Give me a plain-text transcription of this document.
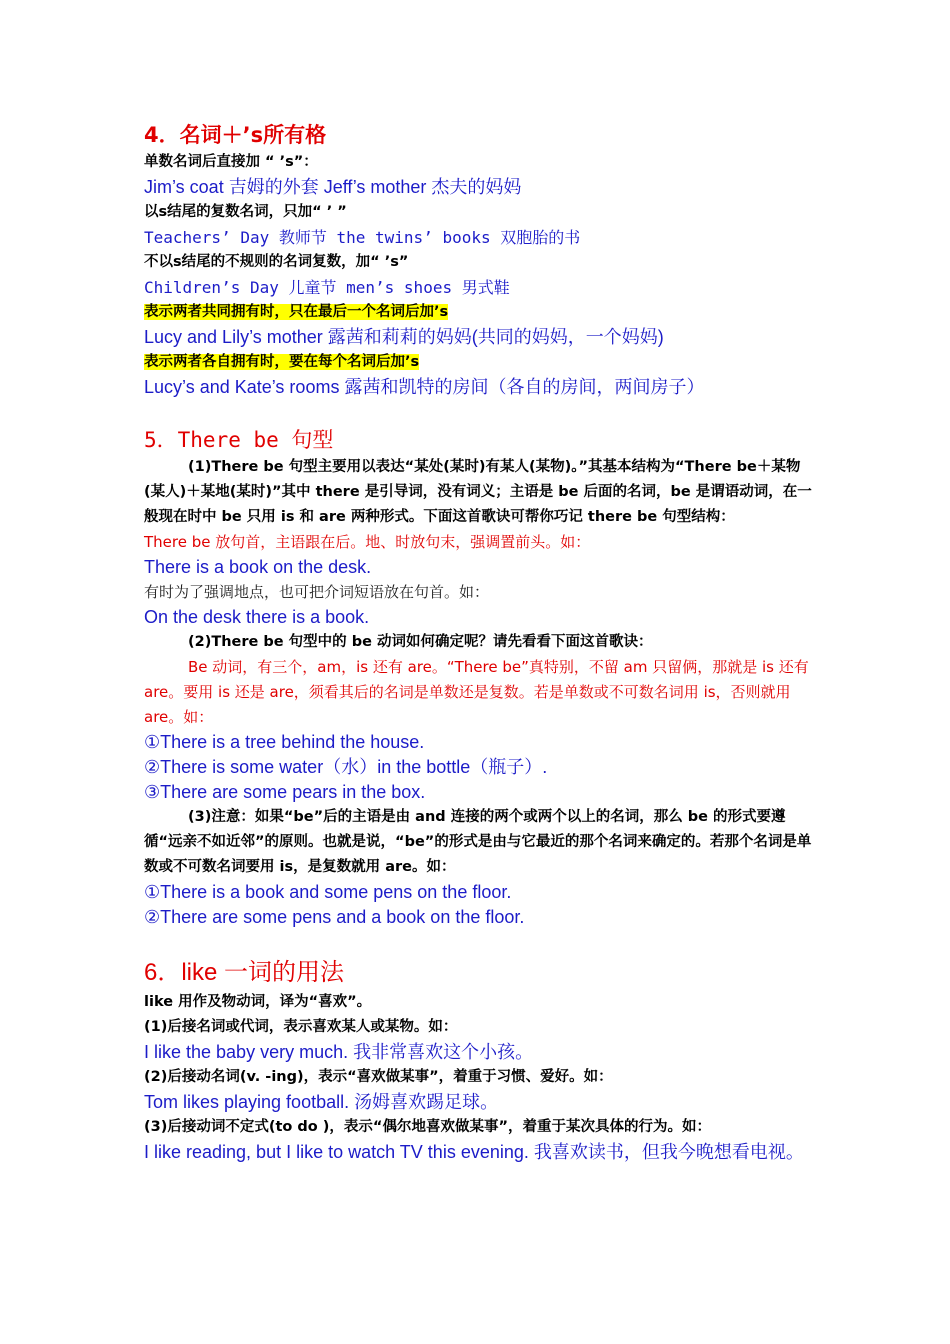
4．名词＋’s所有格
单数名词后直接加 “ ’s”：
Jim’s coat 吉姆的外套 Jeff’s mother 杰夫的妈妈
以s结尾的复数名词，只加“ ’ ”
Teachers’ Day 教师节 the twins’ books 双胞胎的书
不以s结尾的不规则的名词复数，加“ ’s”
Children’s Day 儿童节 men’s shoes 男式鞋
表示两者共同拥有时，只在最后一个名词后加’s
Lucy and Lily’s mother 露茜和莉莉的妈妈(共同的妈妈，一个妈妈)
表示两者各自拥有时，要在每个名词后加’s
Lucy’s and Kate’s rooms 露茜和凯特的房间（各自的房间，两间房子）
5．There be 句型
(1)There be 句型主要用以表达“某处(某时)有某人(某物)。”其基本结构为“There be＋某物(某人)＋某地(某时)”其中 there 是引导词，没有词义；主语是 be 后面的名词，be 是谓语动词，在一般现在时中 be 只用 is 和 are 两种形式。下面这首歌诀可帮你巧记 there be 句型结构：
There be 放句首，主语跟在后。地、时放句末，强调置前头。如：
There is a book on the desk.
有时为了强调地点，也可把介词短语放在句首。如：
On the desk there is a book.
(2)There be 句型中的 be 动词如何确定呢？请先看看下面这首歌诀：
Be 动词，有三个，am，is 还有 are。“There be”真特别，不留 am 只留俩，那就是 is 还有 are。要用 is 还是 are，须看其后的名词是单数还是复数。若是单数或不可数名词用 is，否则就用 are。如：
①There is a tree behind the house.
②There is some water（水）in the bottle（瓶子）.
③There are some pears in the box.
(3)注意：如果“be”后的主语是由 and 连接的两个或两个以上的名词，那么 be 的形式要遵循“远亲不如近邻”的原则。也就是说，“be”的形式是由与它最近的那个名词来确定的。若那个名词是单数或不可数名词要用 is，是复数就用 are。如：
①There is a book and some pens on the floor.
②There are some pens and a book on the floor.
6．like 一词的用法
like 用作及物动词，译为“喜欢”。
(1)后接名词或代词，表示喜欢某人或某物。如：
I like the baby very much. 我非常喜欢这个小孩。
(2)后接动名词(v. -ing)，表示“喜欢做某事”，着重于习惯、爱好。如：
Tom likes playing football. 汤姆喜欢踢足球。
(3)后接动词不定式(to do )，表示“偶尔地喜欢做某事”，着重于某次具体的行为。如：
I like reading, but I like to watch TV this evening. 我喜欢读书，但我今晚想看电视。
